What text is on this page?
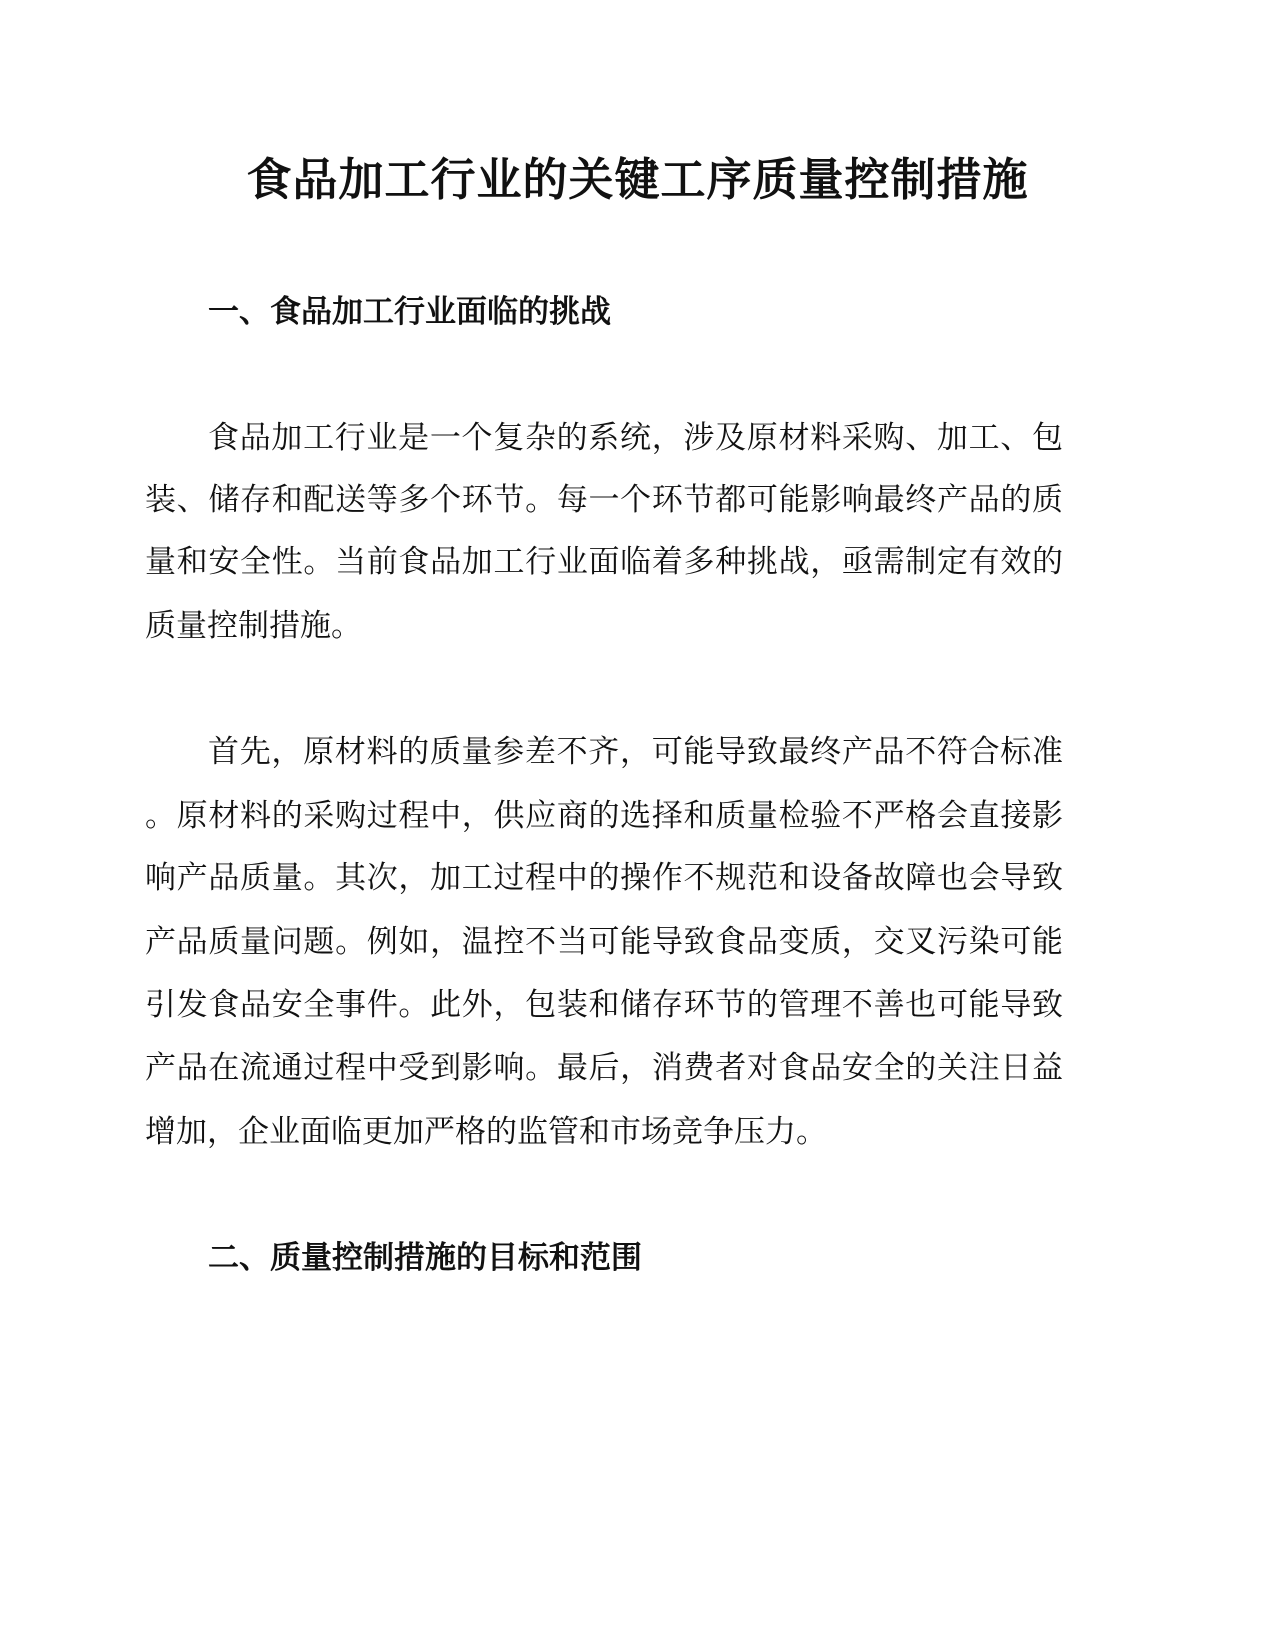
食品加工行业的关键工序质量控制措施
一、食品加工行业面临的挑战

食品加工行业是一个复杂的系统，涉及原材料采购、加工、包

装、储存和配送等多个环节。每一个环节都可能影响最终产品的质

量和安全性。当前食品加工行业面临着多种挑战，亟需制定有效的

质量控制措施。

首先，原材料的质量参差不齐，可能导致最终产品不符合标准

。原材料的采购过程中，供应商的选择和质量检验不严格会直接影

响产品质量。其次，加工过程中的操作不规范和设备故障也会导致

产品质量问题。例如，温控不当可能导致食品变质，交叉污染可能

引发食品安全事件。此外，包装和储存环节的管理不善也可能导致

产品在流通过程中受到影响。最后，消费者对食品安全的关注日益

增加，企业面临更加严格的监管和市场竞争压力。

二、质量控制措施的目标和范围
